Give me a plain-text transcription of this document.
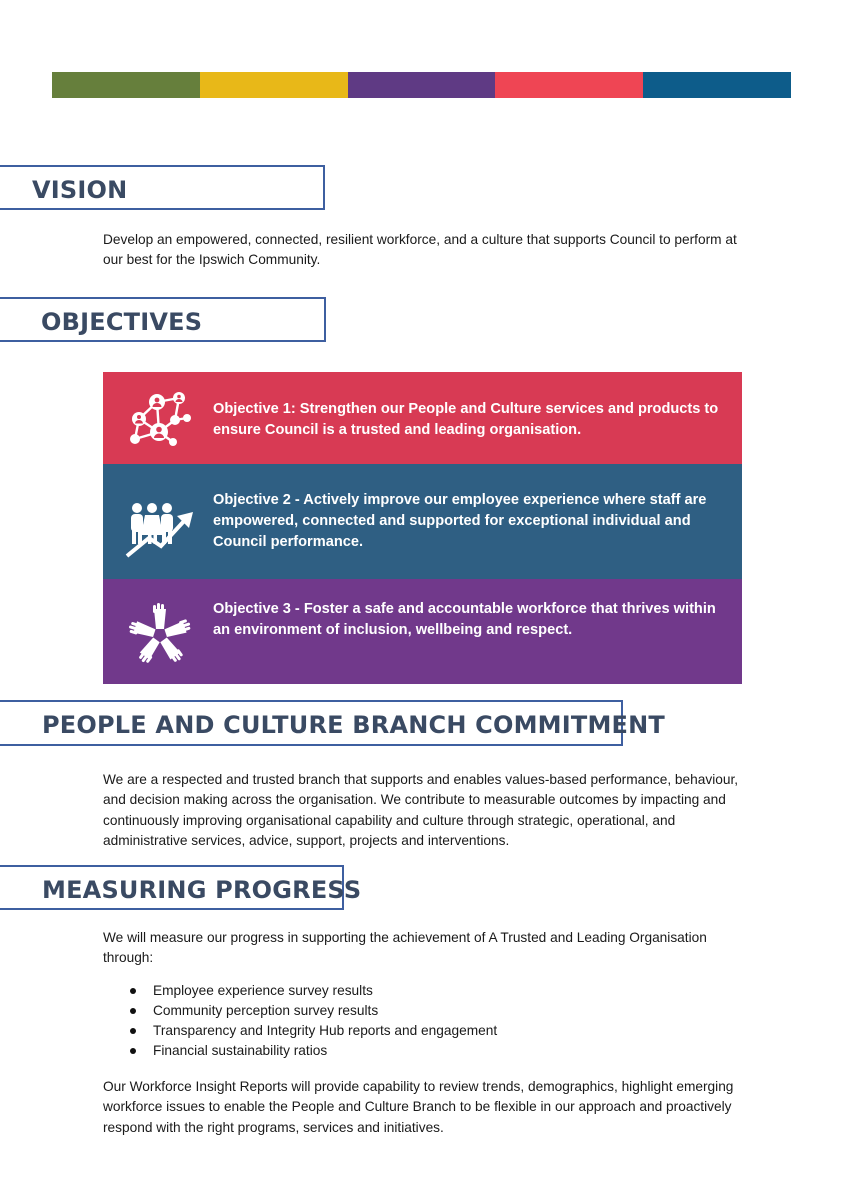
VISION
Develop an empowered, connected, resilient workforce, and a culture that supports Council to perform at our best for the Ipswich Community.
OBJECTIVES
Objective 1: Strengthen our People and Culture services and products to ensure Council is a trusted and leading organisation.
Objective 2 - Actively improve our employee experience where staff are empowered, connected and supported for exceptional individual and Council performance.
Objective 3 - Foster a safe and accountable workforce that thrives within an environment of inclusion, wellbeing and respect.
PEOPLE AND CULTURE BRANCH COMMITMENT
We are a respected and trusted branch that supports and enables values-based performance, behaviour, and decision making across the organisation. We contribute to measurable outcomes by impacting and continuously improving organisational capability and culture through strategic, operational, and administrative services, advice, support, projects and interventions.
MEASURING PROGRESS
We will measure our progress in supporting the achievement of A Trusted and Leading Organisation through:
Employee experience survey results
Community perception survey results
Transparency and Integrity Hub reports and engagement
Financial sustainability ratios
Our Workforce Insight Reports will provide capability to review trends, demographics, highlight emerging workforce issues to enable the People and Culture Branch to be flexible in our approach and proactively respond with the right programs, services and initiatives.
